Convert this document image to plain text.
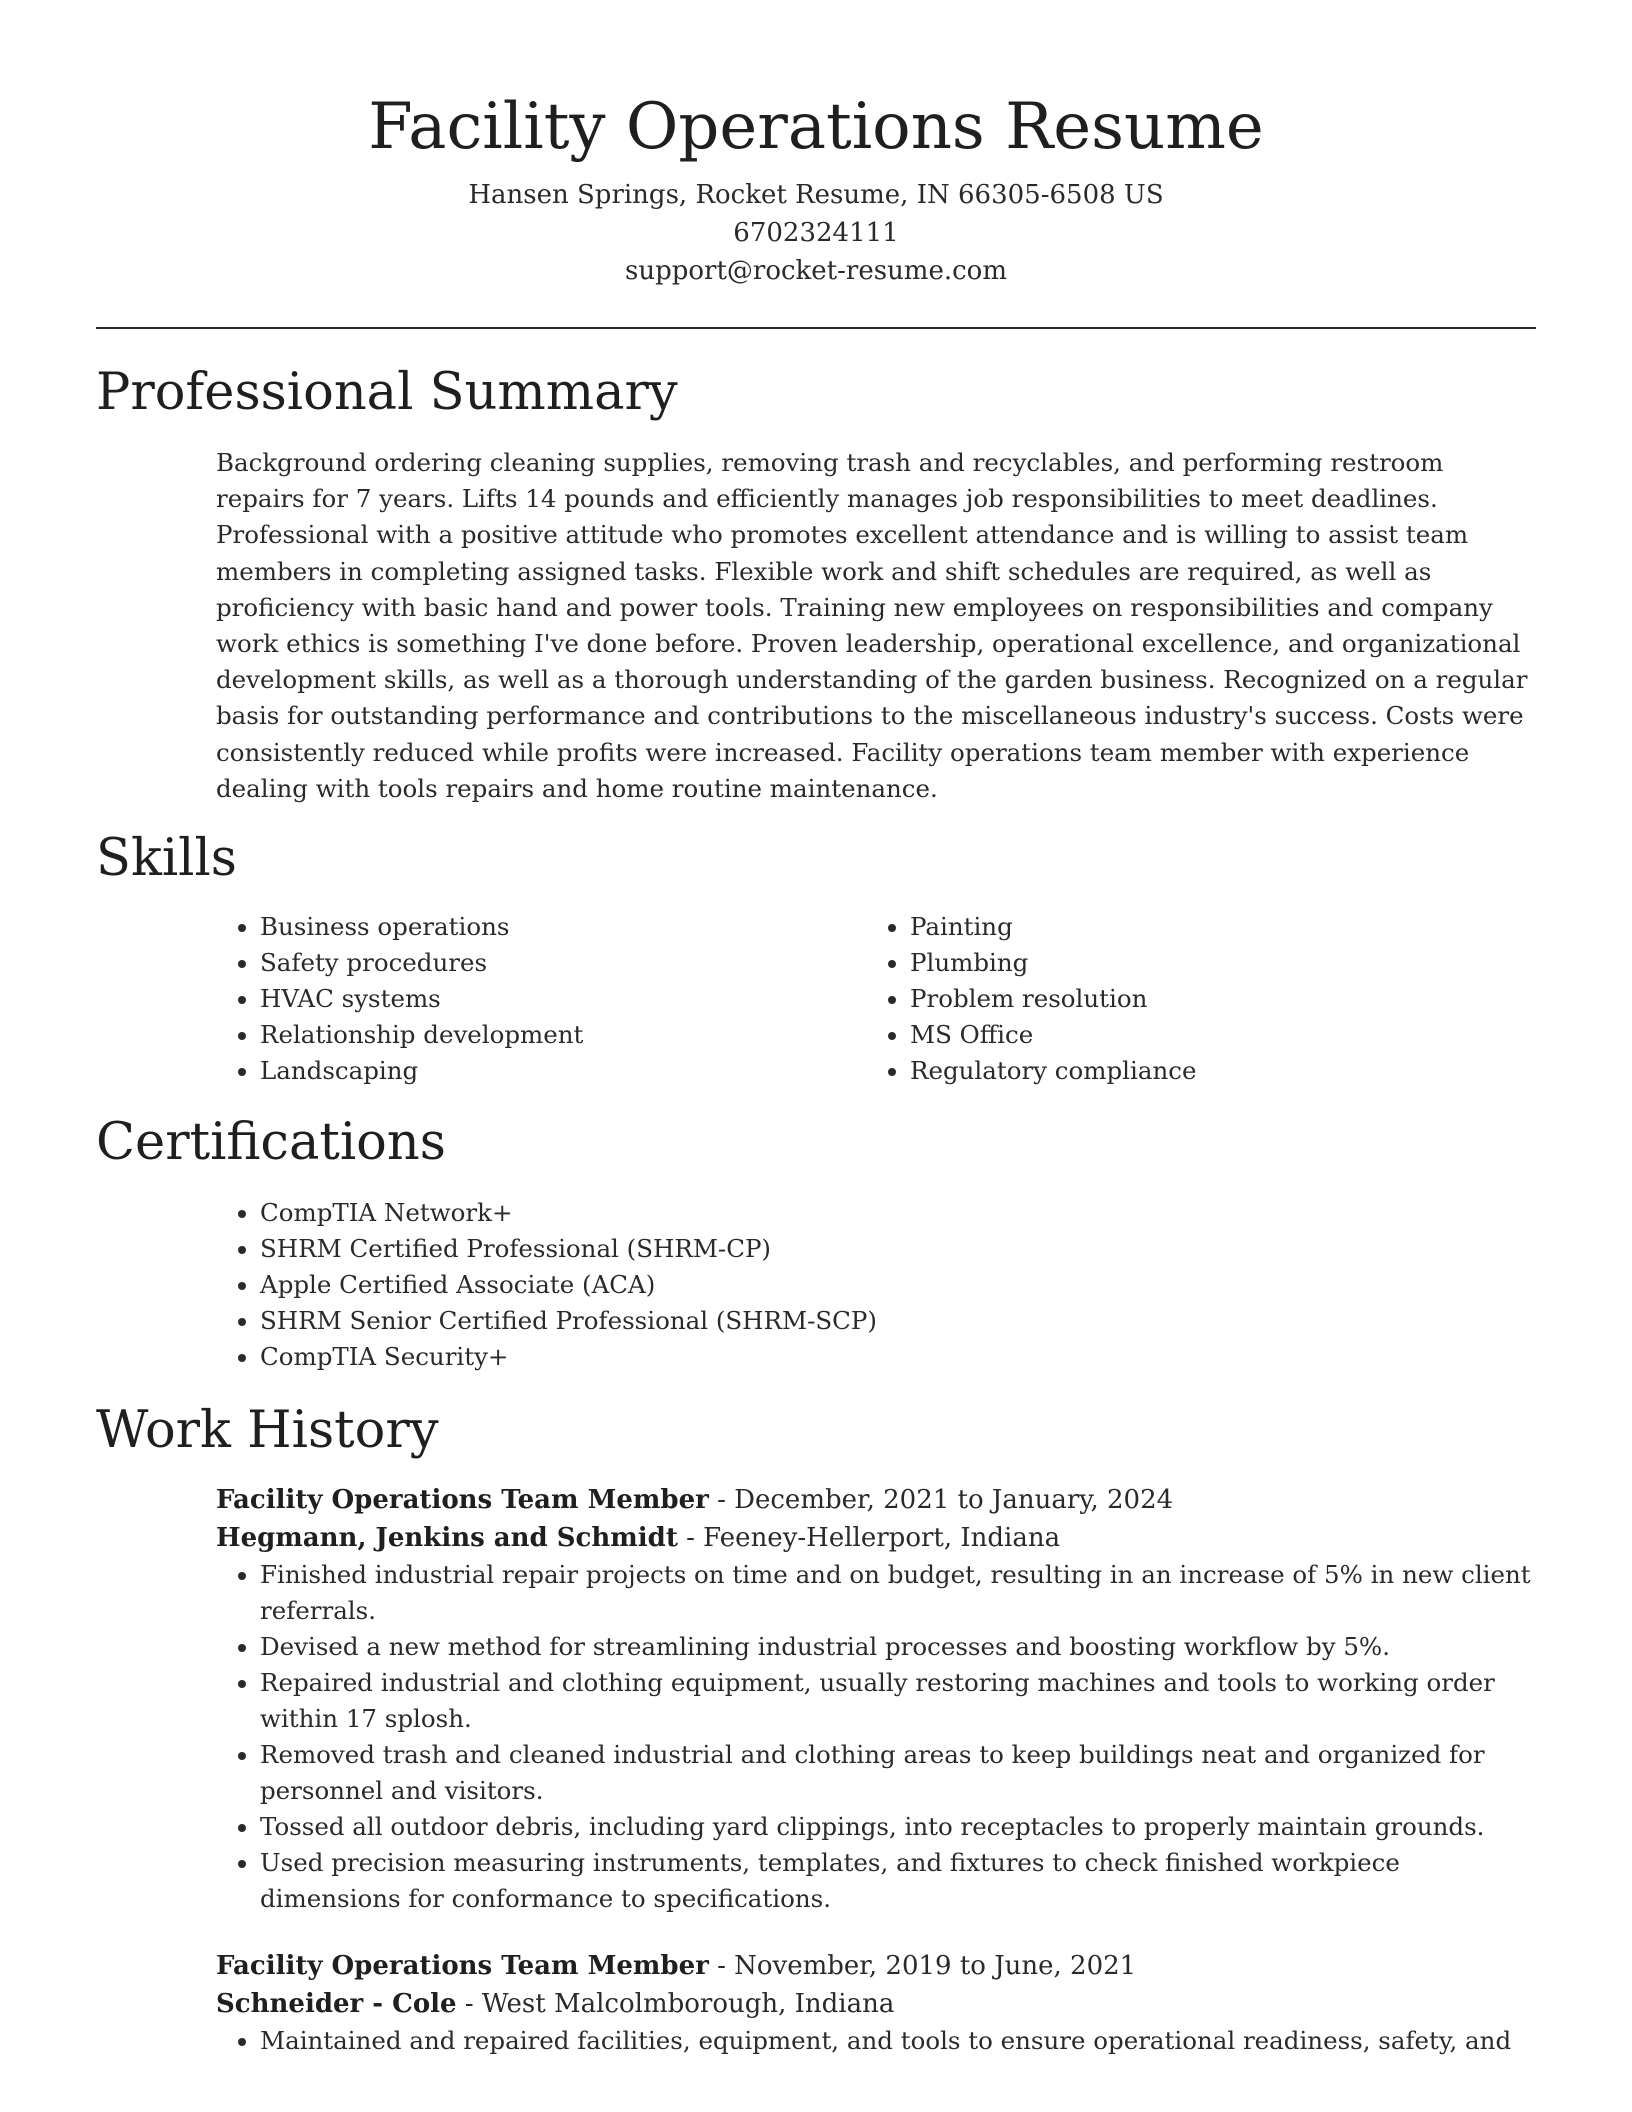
Facility Operations Resume
Hansen Springs, Rocket Resume, IN 66305-6508 US
6702324111
support@rocket-resume.com
Professional Summary
Background ordering cleaning supplies, removing trash and recyclables, and performing restroom repairs for 7 years. Lifts 14 pounds and efficiently manages job responsibilities to meet deadlines. Professional with a positive attitude who promotes excellent attendance and is willing to assist team members in completing assigned tasks. Flexible work and shift schedules are required, as well as proficiency with basic hand and power tools. Training new employees on responsibilities and company work ethics is something I've done before. Proven leadership, operational excellence, and organizational development skills, as well as a thorough understanding of the garden business. Recognized on a regular basis for outstanding performance and contributions to the miscellaneous industry's success. Costs were consistently reduced while profits were increased. Facility operations team member with experience dealing with tools repairs and home routine maintenance.
Skills
• Business operations
• Safety procedures
• HVAC systems
• Relationship development
• Landscaping
• Painting
• Plumbing
• Problem resolution
• MS Office
• Regulatory compliance
Certifications
• CompTIA Network+
• SHRM Certified Professional (SHRM-CP)
• Apple Certified Associate (ACA)
• SHRM Senior Certified Professional (SHRM-SCP)
• CompTIA Security+
Work History
Facility Operations Team Member - December, 2021 to January, 2024
Hegmann, Jenkins and Schmidt - Feeney-Hellerport, Indiana
• Finished industrial repair projects on time and on budget, resulting in an increase of 5% in new client referrals.
• Devised a new method for streamlining industrial processes and boosting workflow by 5%.
• Repaired industrial and clothing equipment, usually restoring machines and tools to working order within 17 splosh.
• Removed trash and cleaned industrial and clothing areas to keep buildings neat and organized for personnel and visitors.
• Tossed all outdoor debris, including yard clippings, into receptacles to properly maintain grounds.
• Used precision measuring instruments, templates, and fixtures to check finished workpiece dimensions for conformance to specifications.
Facility Operations Team Member - November, 2019 to June, 2021
Schneider - Cole - West Malcolmborough, Indiana
• Maintained and repaired facilities, equipment, and tools to ensure operational readiness, safety, and
